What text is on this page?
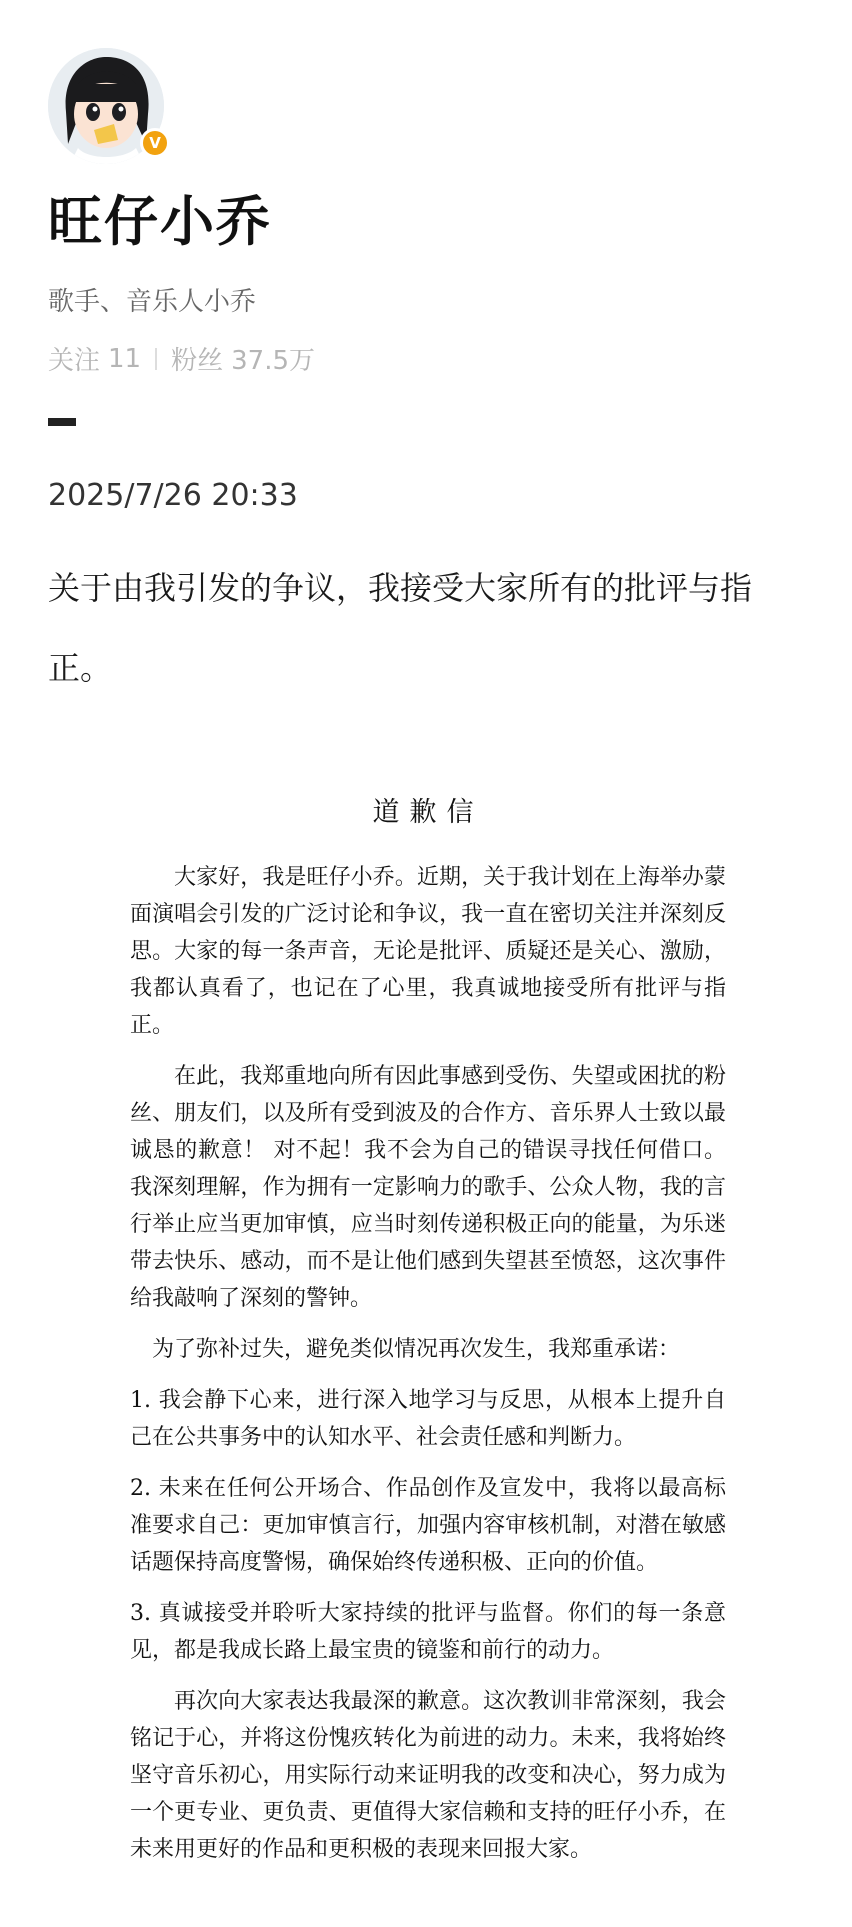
V
旺仔小乔
歌手、音乐人小乔
关注 11 粉丝 37.5万
2025/7/26 20:33
关于由我引发的争议，我接受大家所有的批评与指正。
道歉信

大家好，我是旺仔小乔。近期，关于我计划在上海举办蒙面演唱会引发的广泛讨论和争议，我一直在密切关注并深刻反思。大家的每一条声音，无论是批评、质疑还是关心、激励，我都认真看了，也记在了心里，我真诚地接受所有批评与指正。

在此，我郑重地向所有因此事感到受伤、失望或困扰的粉丝、朋友们，以及所有受到波及的合作方、音乐界人士致以最诚恳的歉意！ 对不起！我不会为自己的错误寻找任何借口。我深刻理解，作为拥有一定影响力的歌手、公众人物，我的言行举止应当更加审慎，应当时刻传递积极正向的能量，为乐迷带去快乐、感动，而不是让他们感到失望甚至愤怒，这次事件给我敲响了深刻的警钟。

为了弥补过失，避免类似情况再次发生，我郑重承诺：

1. 我会静下心来，进行深入地学习与反思，从根本上提升自己在公共事务中的认知水平、社会责任感和判断力。

2. 未来在任何公开场合、作品创作及宣发中，我将以最高标准要求自己：更加审慎言行，加强内容审核机制，对潜在敏感话题保持高度警惕，确保始终传递积极、正向的价值。

3. 真诚接受并聆听大家持续的批评与监督。你们的每一条意见，都是我成长路上最宝贵的镜鉴和前行的动力。

再次向大家表达我最深的歉意。这次教训非常深刻，我会铭记于心，并将这份愧疚转化为前进的动力。未来，我将始终坚守音乐初心，用实际行动来证明我的改变和决心，努力成为一个更专业、更负责、更值得大家信赖和支持的旺仔小乔，在未来用更好的作品和更积极的表现来回报大家。
